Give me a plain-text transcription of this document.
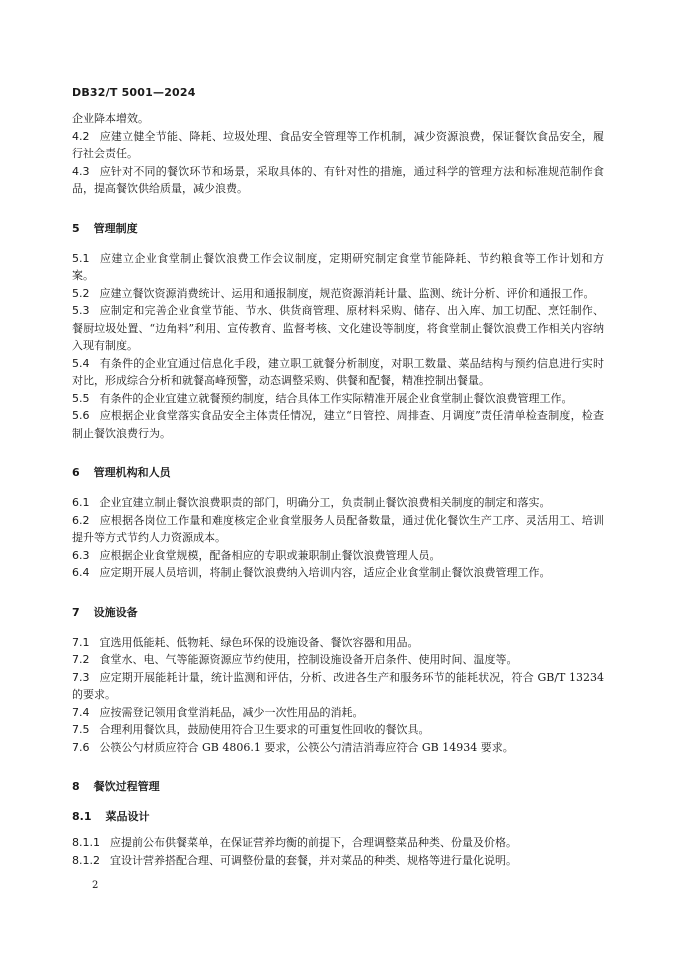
DB32/T 5001—2024
企业降本增效。
4.2 应建立健全节能、降耗、垃圾处理、食品安全管理等工作机制，减少资源浪费，保证餐饮食品安全，履行社会责任。
4.3 应针对不同的餐饮环节和场景，采取具体的、有针对性的措施，通过科学的管理方法和标准规范制作食品，提高餐饮供给质量，减少浪费。
5 管理制度
5.1 应建立企业食堂制止餐饮浪费工作会议制度，定期研究制定食堂节能降耗、节约粮食等工作计划和方案。
5.2 应建立餐饮资源消费统计、运用和通报制度，规范资源消耗计量、监测、统计分析、评价和通报工作。
5.3 应制定和完善企业食堂节能、节水、供货商管理、原材料采购、储存、出入库、加工切配、烹饪制作、餐厨垃圾处置、“边角料”利用、宣传教育、监督考核、文化建设等制度，将食堂制止餐饮浪费工作相关内容纳入现有制度。
5.4 有条件的企业宜通过信息化手段，建立职工就餐分析制度，对职工数量、菜品结构与预约信息进行实时对比，形成综合分析和就餐高峰预警，动态调整采购、供餐和配餐，精准控制出餐量。
5.5 有条件的企业宜建立就餐预约制度，结合具体工作实际精准开展企业食堂制止餐饮浪费管理工作。
5.6 应根据企业食堂落实食品安全主体责任情况，建立“日管控、周排查、月调度”责任清单检查制度，检查制止餐饮浪费行为。
6 管理机构和人员
6.1 企业宜建立制止餐饮浪费职责的部门，明确分工，负责制止餐饮浪费相关制度的制定和落实。
6.2 应根据各岗位工作量和难度核定企业食堂服务人员配备数量，通过优化餐饮生产工序、灵活用工、培训提升等方式节约人力资源成本。
6.3 应根据企业食堂规模，配备相应的专职或兼职制止餐饮浪费管理人员。
6.4 应定期开展人员培训，将制止餐饮浪费纳入培训内容，适应企业食堂制止餐饮浪费管理工作。
7 设施设备
7.1 宜选用低能耗、低物耗、绿色环保的设施设备、餐饮容器和用品。
7.2 食堂水、电、气等能源资源应节约使用，控制设施设备开启条件、使用时间、温度等。
7.3 应定期开展能耗计量，统计监测和评估，分析、改进各生产和服务环节的能耗状况，符合 GB/T 13234 的要求。
7.4 应按需登记领用食堂消耗品，减少一次性用品的消耗。
7.5 合理利用餐饮具，鼓励使用符合卫生要求的可重复性回收的餐饮具。
7.6 公筷公勺材质应符合 GB 4806.1 要求，公筷公勺清洁消毒应符合 GB 14934 要求。
8 餐饮过程管理
8.1 菜品设计
8.1.1 应提前公布供餐菜单，在保证营养均衡的前提下，合理调整菜品种类、份量及价格。
8.1.2 宜设计营养搭配合理、可调整份量的套餐，并对菜品的种类、规格等进行量化说明。
2
